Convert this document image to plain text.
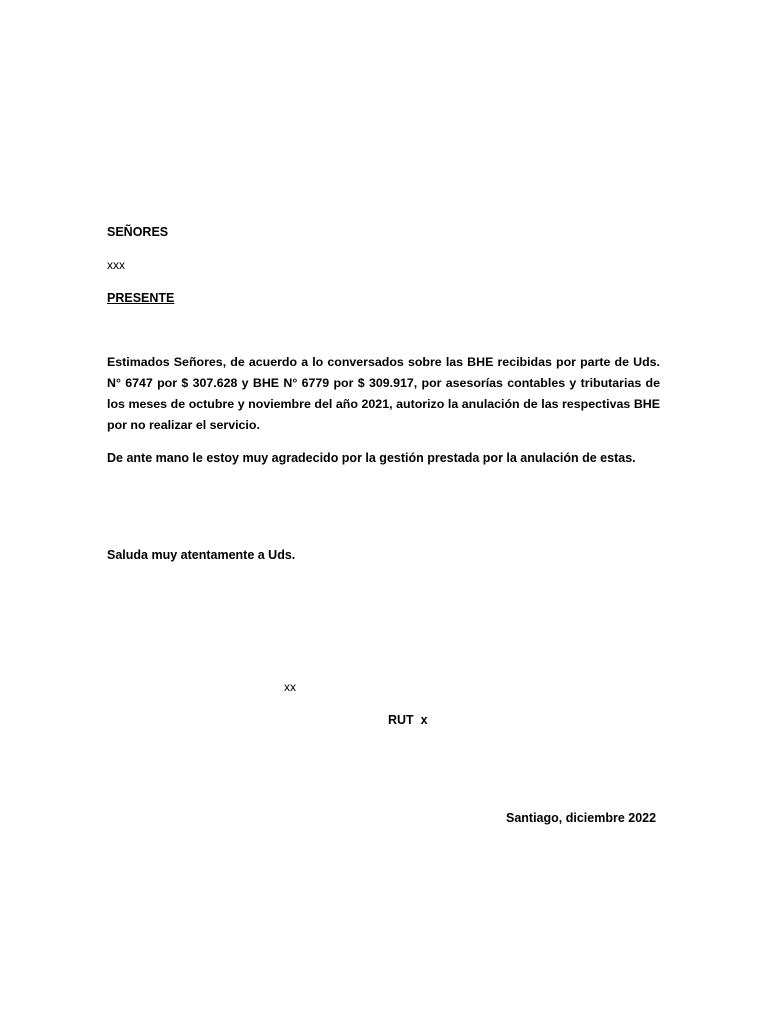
SEÑORES
xxx
PRESENTE
Estimados Señores, de acuerdo a lo conversados sobre las BHE recibidas por parte de Uds. N° 6747 por $ 307.628 y BHE N° 6779 por $ 309.917, por asesorías contables y tributarias de los meses de octubre y noviembre del año 2021, autorizo la anulación de las respectivas BHE por no realizar el servicio.
De ante mano le estoy muy agradecido por la gestión prestada por la anulación de estas.
Saluda muy atentamente a Uds.
xx
RUT  x
Santiago, diciembre 2022
